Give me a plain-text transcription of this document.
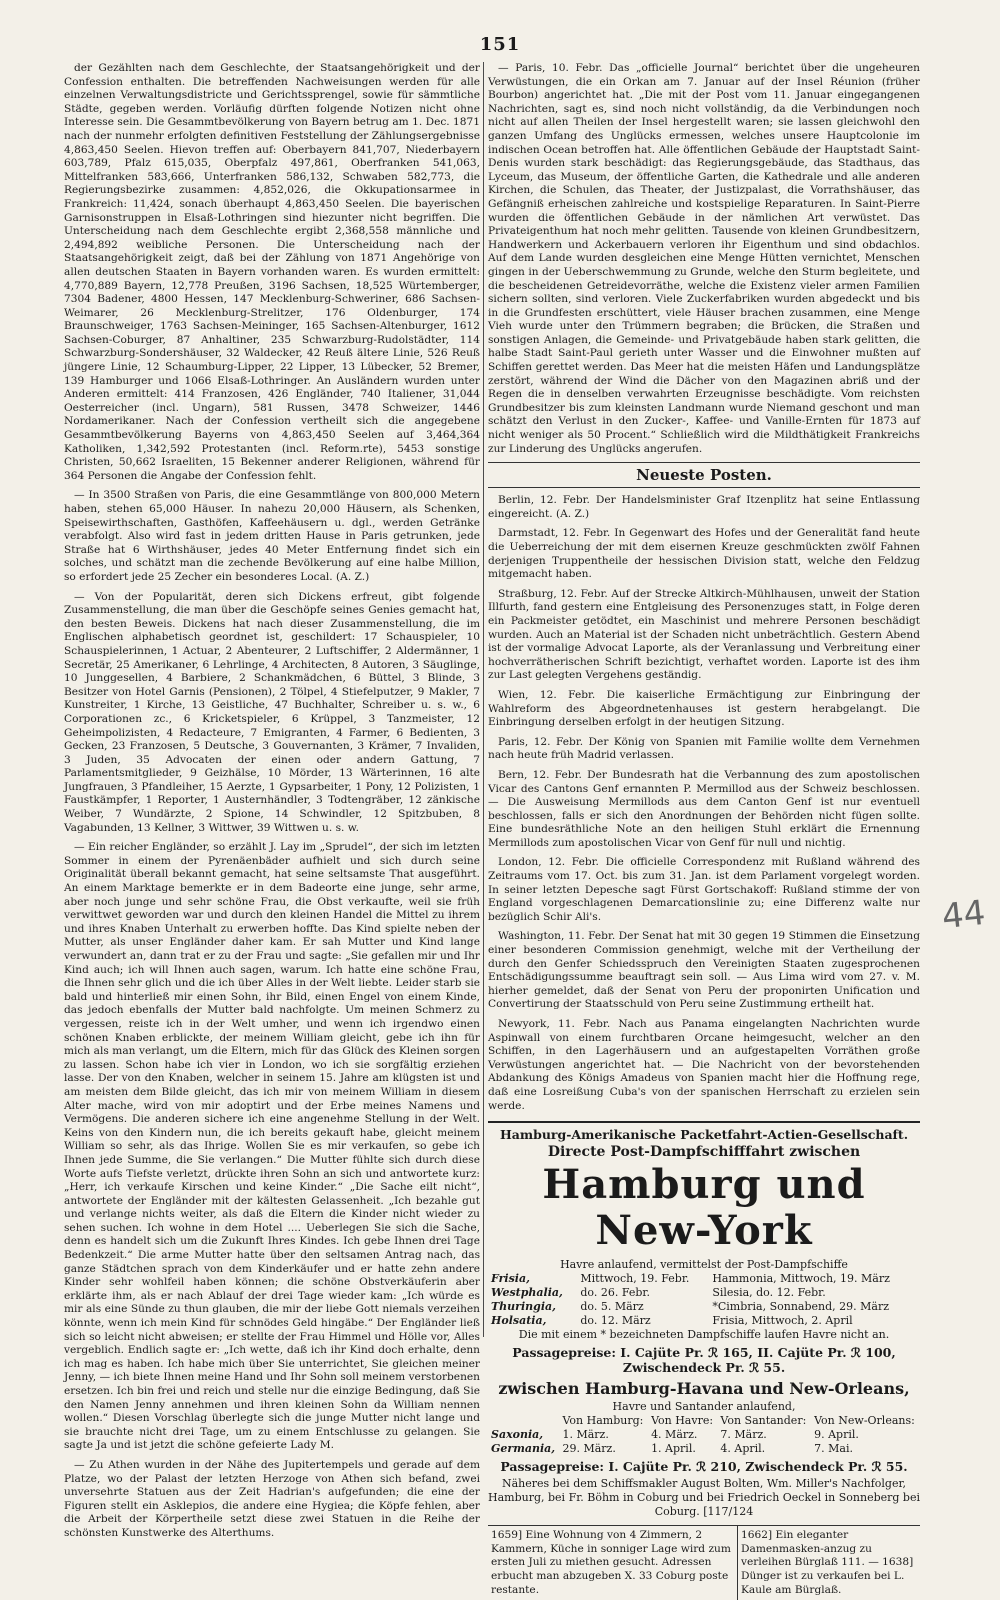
151

der Gezählten nach dem Geschlechte, der Staatsangehörigkeit und der Confession enthalten. Die betreffenden Nachweisungen werden für alle einzelnen Verwaltungsdistricte und Gerichtssprengel, sowie für sämmtliche Städte, gegeben werden. Vorläufig dürften folgende Notizen nicht ohne Interesse sein. Die Gesammtbevölkerung von Bayern betrug am 1. Dec. 1871 nach der nunmehr erfolgten definitiven Feststellung der Zählungsergebnisse 4,863,450 Seelen. Hievon treffen auf: Oberbayern 841,707, Niederbayern 603,789, Pfalz 615,035, Oberpfalz 497,861, Oberfranken 541,063, Mittelfranken 583,666, Unterfranken 586,132, Schwaben 582,773, die Regierungsbezirke zusammen: 4,852,026, die Okkupationsarmee in Frankreich: 11,424, sonach überhaupt 4,863,450 Seelen. Die bayerischen Garnisonstruppen in Elsaß-Lothringen sind hiezunter nicht begriffen. Die Unterscheidung nach dem Geschlechte ergibt 2,368,558 männliche und 2,494,892 weibliche Personen. Die Unterscheidung nach der Staatsangehörigkeit zeigt, daß bei der Zählung von 1871 Angehörige von allen deutschen Staaten in Bayern vorhanden waren. Es wurden ermittelt: 4,770,889 Bayern, 12,778 Preußen, 3196 Sachsen, 18,525 Würtemberger, 7304 Badener, 4800 Hessen, 147 Mecklenburg-Schweriner, 686 Sachsen-Weimarer, 26 Mecklenburg-Strelitzer, 176 Oldenburger, 174 Braunschweiger, 1763 Sachsen-Meininger, 165 Sachsen-Altenburger, 1612 Sachsen-Coburger, 87 Anhaltiner, 235 Schwarzburg-Rudolstädter, 114 Schwarzburg-Sondershäuser, 32 Waldecker, 42 Reuß ältere Linie, 526 Reuß jüngere Linie, 12 Schaumburg-Lipper, 22 Lipper, 13 Lübecker, 52 Bremer, 139 Hamburger und 1066 Elsaß-Lothringer. An Ausländern wurden unter Anderen ermittelt: 414 Franzosen, 426 Engländer, 740 Italiener, 31,044 Oesterreicher (incl. Ungarn), 581 Russen, 3478 Schweizer, 1446 Nordamerikaner. Nach der Confession vertheilt sich die angegebene Gesammtbevölkerung Bayerns von 4,863,450 Seelen auf 3,464,364 Katholiken, 1,342,592 Protestanten (incl. Reform.rte), 5453 sonstige Christen, 50,662 Israeliten, 15 Bekenner anderer Religionen, während für 364 Personen die Angabe der Confession fehlt.

— In 3500 Straßen von Paris, die eine Gesammtlänge von 800,000 Metern haben, stehen 65,000 Häuser. In nahezu 20,000 Häusern, als Schenken, Speisewirthschaften, Gasthöfen, Kaffeehäusern u. dgl., werden Getränke verabfolgt. Also wird fast in jedem dritten Hause in Paris getrunken, jede Straße hat 6 Wirthshäuser, jedes 40 Meter Entfernung findet sich ein solches, und schätzt man die zechende Bevölkerung auf eine halbe Million, so erfordert jede 25 Zecher ein besonderes Local. (A. Z.)

— Von der Popularität, deren sich Dickens erfreut, gibt folgende Zusammenstellung, die man über die Geschöpfe seines Genies gemacht hat, den besten Beweis. Dickens hat nach dieser Zusammenstellung, die im Englischen alphabetisch geordnet ist, geschildert: 17 Schauspieler, 10 Schauspielerinnen, 1 Actuar, 2 Abenteurer, 2 Luftschiffer, 2 Aldermänner, 1 Secretär, 25 Amerikaner, 6 Lehrlinge, 4 Architecten, 8 Autoren, 3 Säuglinge, 10 Junggesellen, 4 Barbiere, 2 Schankmädchen, 6 Büttel, 3 Blinde, 3 Besitzer von Hotel Garnis (Pensionen), 2 Tölpel, 4 Stiefelputzer, 9 Makler, 7 Kunstreiter, 1 Kirche, 13 Geistliche, 47 Buchhalter, Schreiber u. s. w., 6 Corporationen zc., 6 Kricketspieler, 6 Krüppel, 3 Tanzmeister, 12 Geheimpolizisten, 4 Redacteure, 7 Emigranten, 4 Farmer, 6 Bedienten, 3 Gecken, 23 Franzosen, 5 Deutsche, 3 Gouvernanten, 3 Krämer, 7 Invaliden, 3 Juden, 35 Advocaten der einen oder andern Gattung, 7 Parlamentsmitglieder, 9 Geizhälse, 10 Mörder, 13 Wärterinnen, 16 alte Jungfrauen, 3 Pfandleiher, 15 Aerzte, 1 Gypsarbeiter, 1 Pony, 12 Polizisten, 1 Faustkämpfer, 1 Reporter, 1 Austernhändler, 3 Todtengräber, 12 zänkische Weiber, 7 Wundärzte, 2 Spione, 14 Schwindler, 12 Spitzbuben, 8 Vagabunden, 13 Kellner, 3 Wittwer, 39 Wittwen u. s. w.

— Ein reicher Engländer, so erzählt J. Lay im „Sprudel“, der sich im letzten Sommer in einem der Pyrenäenbäder aufhielt und sich durch seine Originalität überall bekannt gemacht, hat seine seltsamste That ausgeführt. An einem Marktage bemerkte er in dem Badeorte eine junge, sehr arme, aber noch junge und sehr schöne Frau, die Obst verkaufte, weil sie früh verwittwet geworden war und durch den kleinen Handel die Mittel zu ihrem und ihres Knaben Unterhalt zu erwerben hoffte. Das Kind spielte neben der Mutter, als unser Engländer daher kam. Er sah Mutter und Kind lange verwundert an, dann trat er zu der Frau und sagte: „Sie gefallen mir und Ihr Kind auch; ich will Ihnen auch sagen, warum. Ich hatte eine schöne Frau, die Ihnen sehr glich und die ich über Alles in der Welt liebte. Leider starb sie bald und hinterließ mir einen Sohn, ihr Bild, einen Engel von einem Kinde, das jedoch ebenfalls der Mutter bald nachfolgte. Um meinen Schmerz zu vergessen, reiste ich in der Welt umher, und wenn ich irgendwo einen schönen Knaben erblickte, der meinem William gleicht, gebe ich ihn für mich als man verlangt, um die Eltern, mich für das Glück des Kleinen sorgen zu lassen. Schon habe ich vier in London, wo ich sie sorgfältig erziehen lasse. Der von den Knaben, welcher in seinem 15. Jahre am klügsten ist und am meisten dem Bilde gleicht, das ich mir von meinem William in diesem Alter mache, wird von mir adoptirt und der Erbe meines Namens und Vermögens. Die anderen sichere ich eine angenehme Stellung in der Welt. Keins von den Kindern nun, die ich bereits gekauft habe, gleicht meinem William so sehr, als das Ihrige. Wollen Sie es mir verkaufen, so gebe ich Ihnen jede Summe, die Sie verlangen.“ Die Mutter fühlte sich durch diese Worte aufs Tiefste verletzt, drückte ihren Sohn an sich und antwortete kurz: „Herr, ich verkaufe Kirschen und keine Kinder.“ „Die Sache eilt nicht“, antwortete der Engländer mit der kältesten Gelassenheit. „Ich bezahle gut und verlange nichts weiter, als daß die Eltern die Kinder nicht wieder zu sehen suchen. Ich wohne in dem Hotel .... Ueberlegen Sie sich die Sache, denn es handelt sich um die Zukunft Ihres Kindes. Ich gebe Ihnen drei Tage Bedenkzeit.“ Die arme Mutter hatte über den seltsamen Antrag nach, das ganze Städtchen sprach von dem Kinderkäufer und er hatte zehn andere Kinder sehr wohlfeil haben können; die schöne Obstverkäuferin aber erklärte ihm, als er nach Ablauf der drei Tage wieder kam: „Ich würde es mir als eine Sünde zu thun glauben, die mir der liebe Gott niemals verzeihen könnte, wenn ich mein Kind für schnödes Geld hingäbe.“ Der Engländer ließ sich so leicht nicht abweisen; er stellte der Frau Himmel und Hölle vor, Alles vergeblich. Endlich sagte er: „Ich wette, daß ich ihr Kind doch erhalte, denn ich mag es haben. Ich habe mich über Sie unterrichtet, Sie gleichen meiner Jenny, — ich biete Ihnen meine Hand und Ihr Sohn soll meinem verstorbenen ersetzen. Ich bin frei und reich und stelle nur die einzige Bedingung, daß Sie den Namen Jenny annehmen und ihren kleinen Sohn da William nennen wollen.“ Diesen Vorschlag überlegte sich die junge Mutter nicht lange und sie brauchte nicht drei Tage, um zu einem Entschlusse zu gelangen. Sie sagte Ja und ist jetzt die schöne gefeierte Lady M.

— Zu Athen wurden in der Nähe des Jupitertempels und gerade auf dem Platze, wo der Palast der letzten Herzoge von Athen sich befand, zwei unversehrte Statuen aus der Zeit Hadrian's aufgefunden; die eine der Figuren stellt ein Asklepios, die andere eine Hygiea; die Köpfe fehlen, aber die Arbeit der Körpertheile setzt diese zwei Statuen in die Reihe der schönsten Kunstwerke des Alterthums.

— Paris, 10. Febr. Das „officielle Journal“ berichtet über die ungeheuren Verwüstungen, die ein Orkan am 7. Januar auf der Insel Réunion (früher Bourbon) angerichtet hat. „Die mit der Post vom 11. Januar eingegangenen Nachrichten, sagt es, sind noch nicht vollständig, da die Verbindungen noch nicht auf allen Theilen der Insel hergestellt waren; sie lassen gleichwohl den ganzen Umfang des Unglücks ermessen, welches unsere Hauptcolonie im indischen Ocean betroffen hat. Alle öffentlichen Gebäude der Hauptstadt Saint-Denis wurden stark beschädigt: das Regierungsgebäude, das Stadthaus, das Lyceum, das Museum, der öffentliche Garten, die Kathedrale und alle anderen Kirchen, die Schulen, das Theater, der Justizpalast, die Vorrathshäuser, das Gefängniß erheischen zahlreiche und kostspielige Reparaturen. In Saint-Pierre wurden die öffentlichen Gebäude in der nämlichen Art verwüstet. Das Privateigenthum hat noch mehr gelitten. Tausende von kleinen Grundbesitzern, Handwerkern und Ackerbauern verloren ihr Eigenthum und sind obdachlos. Auf dem Lande wurden desgleichen eine Menge Hütten vernichtet, Menschen gingen in der Ueberschwemmung zu Grunde, welche den Sturm begleitete, und die bescheidenen Getreidevorräthe, welche die Existenz vieler armen Familien sichern sollten, sind verloren. Viele Zuckerfabriken wurden abgedeckt und bis in die Grundfesten erschüttert, viele Häuser brachen zusammen, eine Menge Vieh wurde unter den Trümmern begraben; die Brücken, die Straßen und sonstigen Anlagen, die Gemeinde- und Privatgebäude haben stark gelitten, die halbe Stadt Saint-Paul gerieth unter Wasser und die Einwohner mußten auf Schiffen gerettet werden. Das Meer hat die meisten Häfen und Landungsplätze zerstört, während der Wind die Dächer von den Magazinen abriß und der Regen die in denselben verwahrten Erzeugnisse beschädigte. Vom reichsten Grundbesitzer bis zum kleinsten Landmann wurde Niemand geschont und man schätzt den Verlust in den Zucker-, Kaffee- und Vanille-Ernten für 1873 auf nicht weniger als 50 Procent.“ Schließlich wird die Mildthätigkeit Frankreichs zur Linderung des Unglücks angerufen.

Neueste Posten.

Berlin, 12. Febr. Der Handelsminister Graf Itzenplitz hat seine Entlassung eingereicht. (A. Z.)

Darmstadt, 12. Febr. In Gegenwart des Hofes und der Generalität fand heute die Ueberreichung der mit dem eisernen Kreuze geschmückten zwölf Fahnen derjenigen Truppentheile der hessischen Division statt, welche den Feldzug mitgemacht haben.

Straßburg, 12. Febr. Auf der Strecke Altkirch-Mühlhausen, unweit der Station Illfurth, fand gestern eine Entgleisung des Personenzuges statt, in Folge deren ein Packmeister getödtet, ein Maschinist und mehrere Personen beschädigt wurden. Auch an Material ist der Schaden nicht unbeträchtlich. Gestern Abend ist der vormalige Advocat Laporte, als der Veranlassung und Verbreitung einer hochverrätherischen Schrift bezichtigt, verhaftet worden. Laporte ist des ihm zur Last gelegten Vergehens geständig.

Wien, 12. Febr. Die kaiserliche Ermächtigung zur Einbringung der Wahlreform des Abgeordnetenhauses ist gestern herabgelangt. Die Einbringung derselben erfolgt in der heutigen Sitzung.

Paris, 12. Febr. Der König von Spanien mit Familie wollte dem Vernehmen nach heute früh Madrid verlassen.

Bern, 12. Febr. Der Bundesrath hat die Verbannung des zum apostolischen Vicar des Cantons Genf ernannten P. Mermillod aus der Schweiz beschlossen. — Die Ausweisung Mermillods aus dem Canton Genf ist nur eventuell beschlossen, falls er sich den Anordnungen der Behörden nicht fügen sollte. Eine bundesräthliche Note an den heiligen Stuhl erklärt die Ernennung Mermillods zum apostolischen Vicar von Genf für null und nichtig.

London, 12. Febr. Die officielle Correspondenz mit Rußland während des Zeitraums vom 17. Oct. bis zum 31. Jan. ist dem Parlament vorgelegt worden. In seiner letzten Depesche sagt Fürst Gortschakoff: Rußland stimme der von England vorgeschlagenen Demarcationslinie zu; eine Differenz walte nur bezüglich Schir Ali's.

Washington, 11. Febr. Der Senat hat mit 30 gegen 19 Stimmen die Einsetzung einer besonderen Commission genehmigt, welche mit der Vertheilung der durch den Genfer Schiedsspruch den Vereinigten Staaten zugesprochenen Entschädigungssumme beauftragt sein soll. — Aus Lima wird vom 27. v. M. hierher gemeldet, daß der Senat von Peru der proponirten Unification und Convertirung der Staatsschuld von Peru seine Zustimmung ertheilt hat.

Newyork, 11. Febr. Nach aus Panama eingelangten Nachrichten wurde Aspinwall von einem furchtbaren Orcane heimgesucht, welcher an den Schiffen, in den Lagerhäusern und an aufgestapelten Vorräthen große Verwüstungen angerichtet hat. — Die Nachricht von der bevorstehenden Abdankung des Königs Amadeus von Spanien macht hier die Hoffnung rege, daß eine Losreißung Cuba's von der spanischen Herrschaft zu erzielen sein werde.

Hamburg-Amerikanische Packetfahrt-Actien-Gesellschaft.
Directe Post-Dampfschifffahrt zwischen
Hamburg und New-York
Havre anlaufend, vermittelst der Post-Dampfschiffe
Frisia,	Mittwoch, 19. Febr.	Hammonia, Mittwoch, 19. März
Westphalia,	do. 26. Febr.	Silesia, do. 12. Febr.
Thuringia,	do. 5. März	*Cimbria, Sonnabend, 29. März
Holsatia,	do. 12. März	Frisia, Mittwoch, 2. April
Die mit einem * bezeichneten Dampfschiffe laufen Havre nicht an.
Passagepreise: I. Cajüte Pr. ℛ 165, II. Cajüte Pr. ℛ 100, Zwischendeck Pr. ℛ 55.
zwischen Hamburg-Havana und New-Orleans,
Havre und Santander anlaufend,
	Von Hamburg:	Von Havre:	Von Santander:	Von New-Orleans:
Saxonia,	1. März.	4. März.	7. März.	9. April.
Germania,	29. März.	1. April.	4. April.	7. Mai.
Passagepreise: I. Cajüte Pr. ℛ 210, Zwischendeck Pr. ℛ 55.
Näheres bei dem Schiffsmakler August Bolten, Wm. Miller's Nachfolger, Hamburg, bei Fr. Böhm in Coburg und bei Friedrich Oeckel in Sonneberg bei Coburg. [117/124
1659] Eine Wohnung von 4 Zimmern, 2 Kammern, Küche in sonniger Lage wird zum ersten Juli zu miethen gesucht. Adressen erbucht man abzugeben X. 33 Coburg poste restante.
1662] Ein eleganter Damenmasken-anzug zu verleihen Bürglaß 111. — 1638] Dünger ist zu verkaufen bei L. Kaule am Bürglaß.
44
